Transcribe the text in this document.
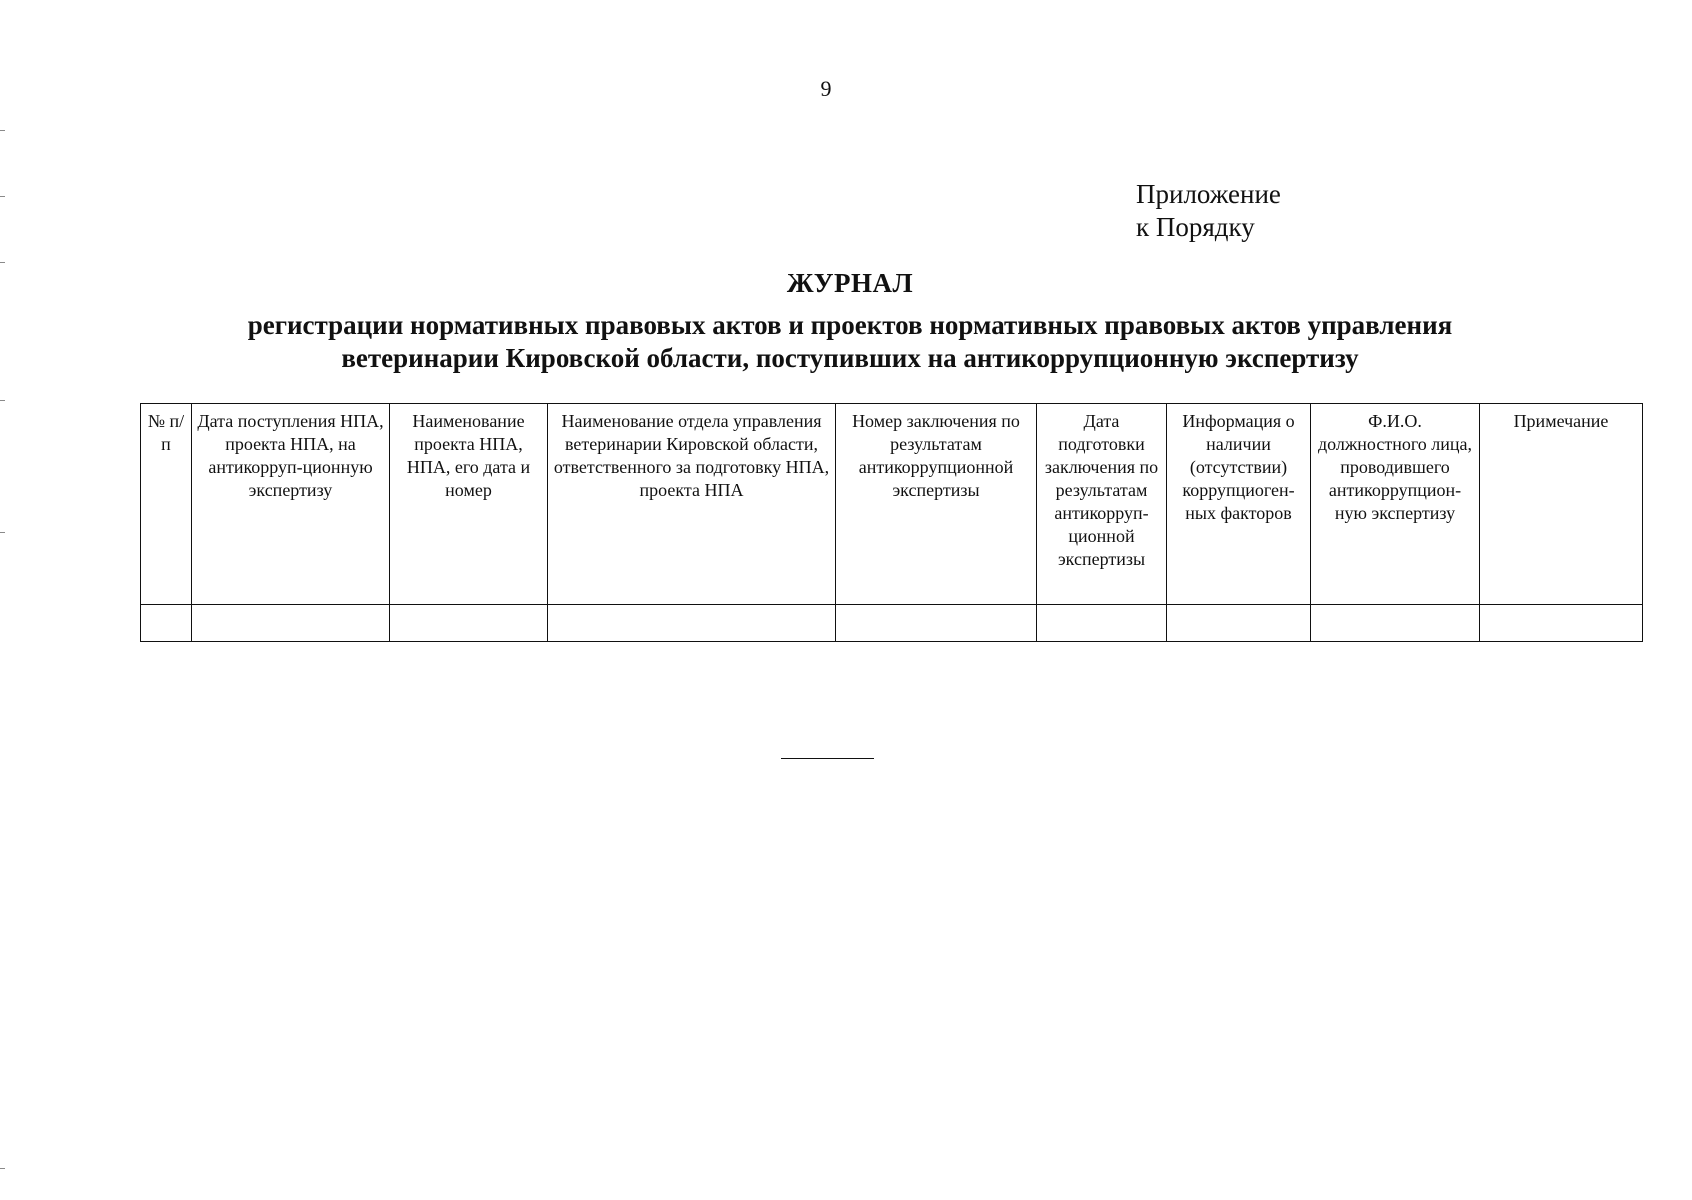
9
Приложение
к Порядку
ЖУРНАЛ
регистрации нормативных правовых актов и проектов нормативных правовых актов управления ветеринарии Кировской области, поступивших на антикоррупционную экспертизу
№ п/п	Дата поступления НПА, проекта НПА, на антикорруп-ционную экспертизу	Наименование проекта НПА, НПА, его дата и номер	Наименование отдела управления ветеринарии Кировской области, ответственного за подготовку НПА, проекта НПА	Номер заключения по результатам антикоррупционной экспертизы	Дата подготовки заключения по результатам антикорруп-ционной экспертизы	Информация о наличии (отсутствии) коррупциоген-ных факторов	Ф.И.О. должностного лица, проводившего антикоррупцион-ную экспертизу	Примечание
